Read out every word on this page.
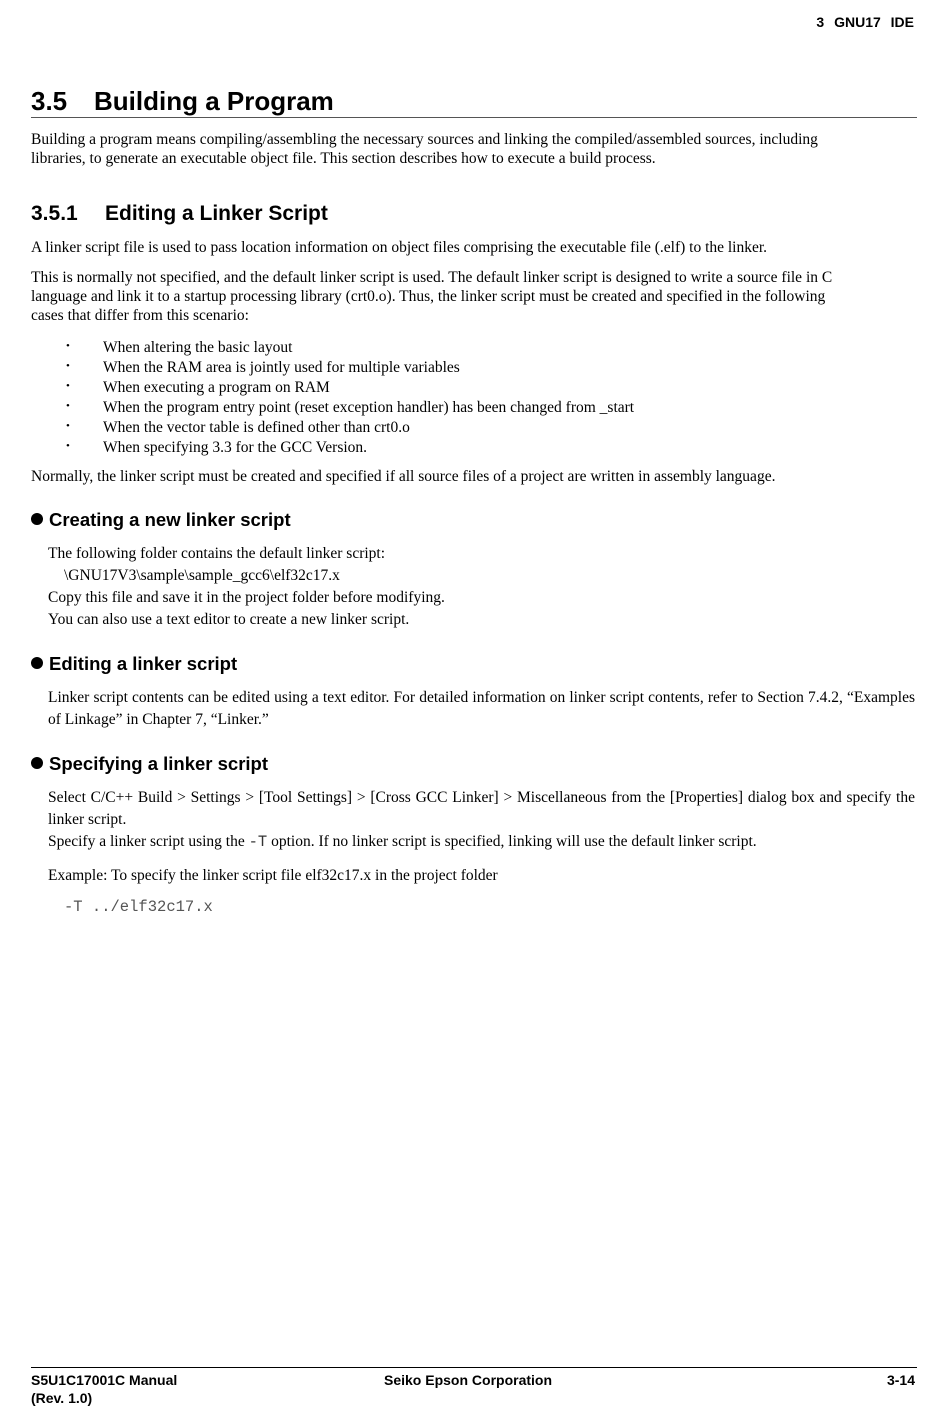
3 GNU17 IDE
3.5 Building a Program
Building a program means compiling/assembling the necessary sources and linking the compiled/assembled sources, including
libraries, to generate an executable object file. This section describes how to execute a build process.
3.5.1 Editing a Linker Script
A linker script file is used to pass location information on object files comprising the executable file (.elf) to the linker.
This is normally not specified, and the default linker script is used. The default linker script is designed to write a source file in C
language and link it to a startup processing library (crt0.o). Thus, the linker script must be created and specified in the following
cases that differ from this scenario:
• When altering the basic layout
• When the RAM area is jointly used for multiple variables
• When executing a program on RAM
• When the program entry point (reset exception handler) has been changed from _start
• When the vector table is defined other than crt0.o
• When specifying 3.3 for the GCC Version.
Normally, the linker script must be created and specified if all source files of a project are written in assembly language.
Creating a new linker script
The following folder contains the default linker script:
\GNU17V3\sample\sample_gcc6\elf32c17.x
Copy this file and save it in the project folder before modifying.
You can also use a text editor to create a new linker script.
Editing a linker script
Linker script contents can be edited using a text editor. For detailed information on linker script contents, refer to Section 7.4.2, “Examples of Linkage” in Chapter 7, “Linker.”
Specifying a linker script
Select C/C++ Build > Settings > [Tool Settings] > [Cross GCC Linker] > Miscellaneous from the [Properties] dialog box and specify the linker script.
Specify a linker script using the -T option. If no linker script is specified, linking will use the default linker script.
Example: To specify the linker script file elf32c17.x in the project folder
-T ../elf32c17.x
S5U1C17001C Manual
(Rev. 1.0)
Seiko Epson Corporation	3-14
